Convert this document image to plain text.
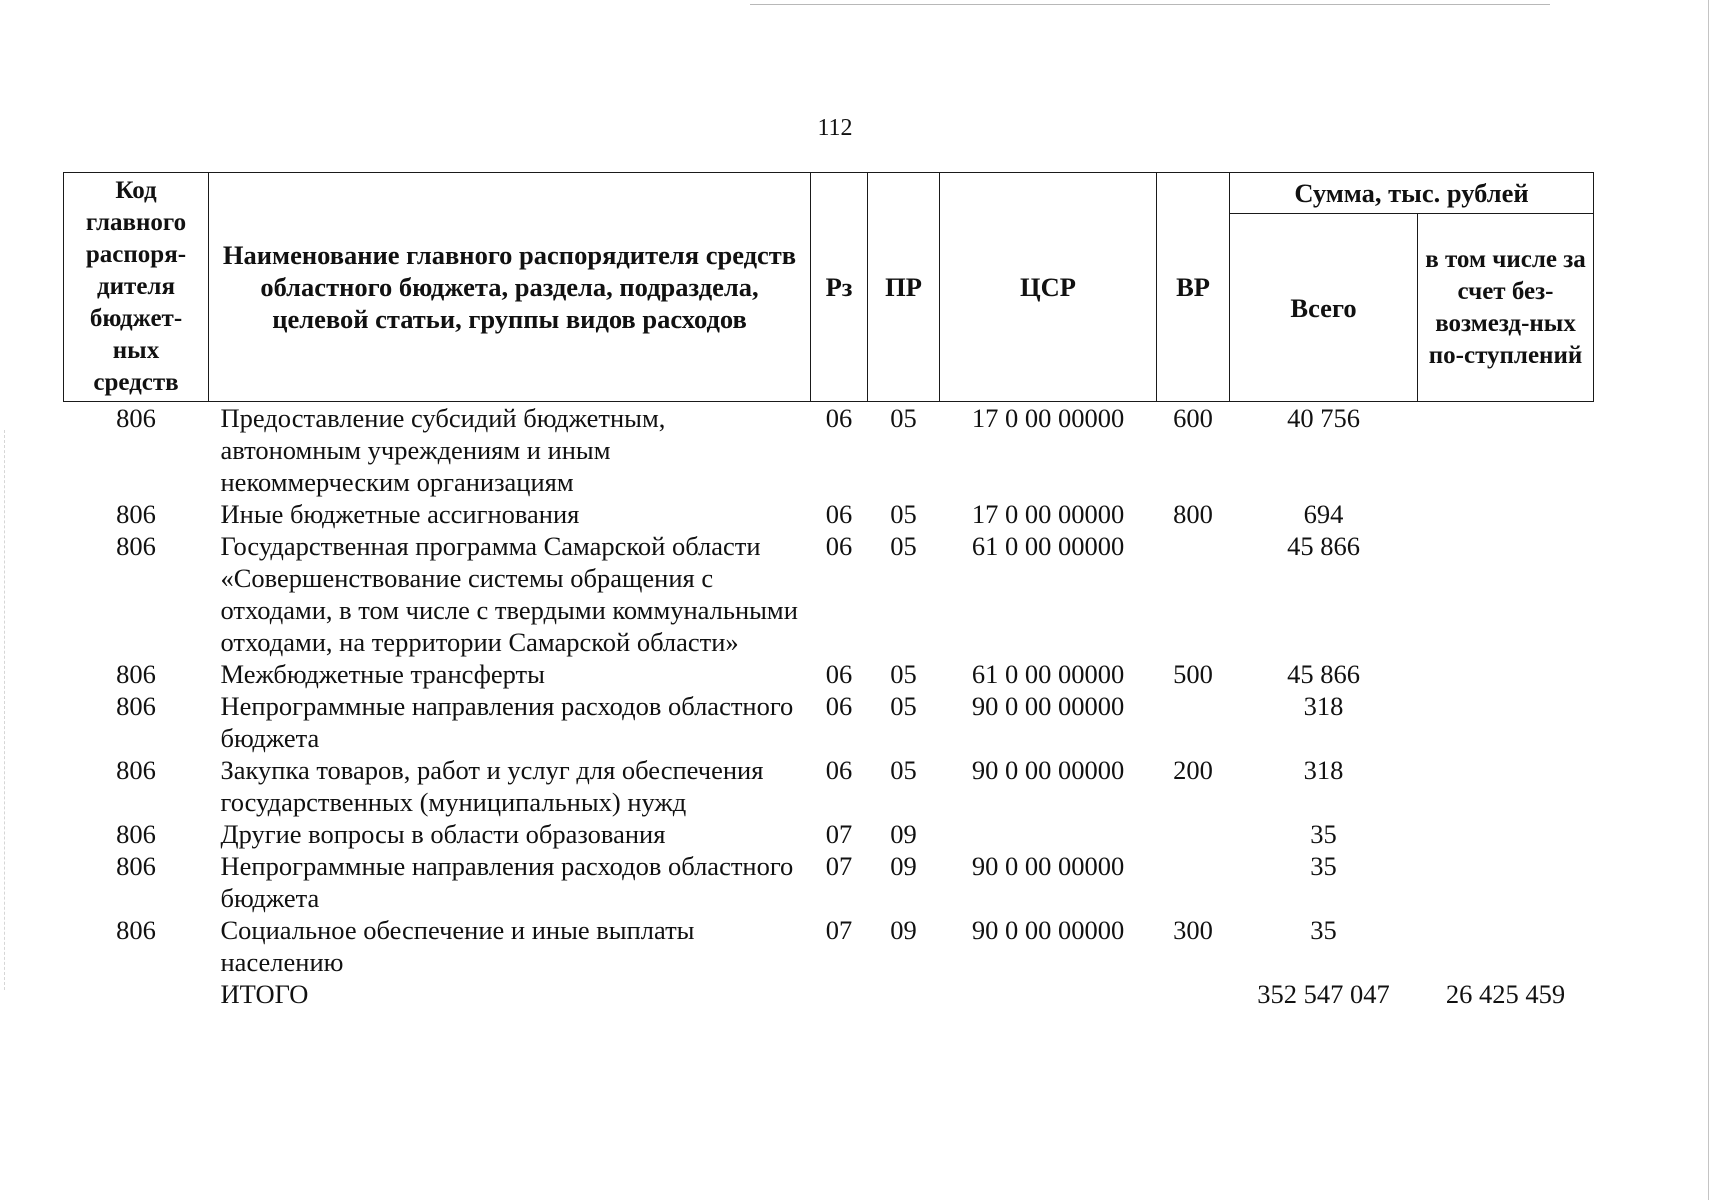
112
Код главного распоря-дителя бюджет-ных средств	Наименование главного распорядителя средств областного бюджета, раздела, подраздела, целевой статьи, группы видов расходов	Рз	ПР	ЦСР	ВР	Сумма, тыс. рублей	
						Всего	в том числе за счет без-возмезд-ных по-ступлений
806	Предоставление субсидий бюджетным, автономным учреждениям и иным некоммерческим организациям	06	05	17 0 00 00000	600	40 756	
806	Иные бюджетные ассигнования	06	05	17 0 00 00000	800	694	
806	Государственная программа Самарской области «Совершенствование системы обращения с отходами, в том числе с твердыми коммунальными отходами, на территории Самарской области»	06	05	61 0 00 00000		45 866	
806	Межбюджетные трансферты	06	05	61 0 00 00000	500	45 866	
806	Непрограммные направления расходов областного бюджета	06	05	90 0 00 00000		318	
806	Закупка товаров, работ и услуг для обеспечения государственных (муниципальных) нужд	06	05	90 0 00 00000	200	318	
806	Другие вопросы в области образования	07	09			35	
806	Непрограммные направления расходов областного бюджета	07	09	90 0 00 00000		35	
806	Социальное обеспечение и иные выплаты населению	07	09	90 0 00 00000	300	35	
	ИТОГО					352 547 047	26 425 459
